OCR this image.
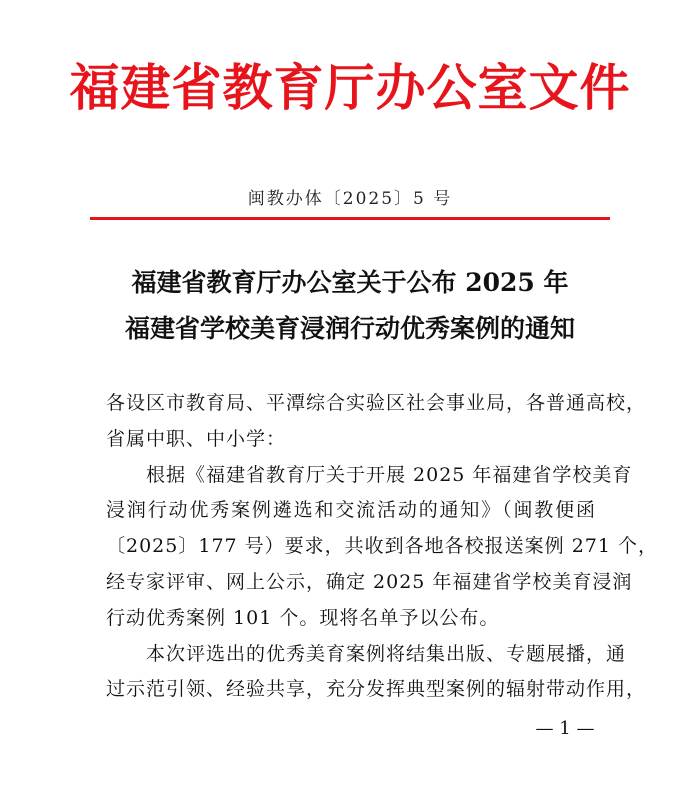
福建省教育厅办公室文件
闽教办体〔2025〕5 号
福建省教育厅办公室关于公布 2025 年
福建省学校美育浸润行动优秀案例的通知
各设区市教育局、平潭综合实验区社会事业局，各普通高校，
省属中职、中小学：
根据《福建省教育厅关于开展 2025 年福建省学校美育
浸润行动优秀案例遴选和交流活动的通知》（闽教便函
〔2025〕177 号）要求，共收到各地各校报送案例 271 个，
经专家评审、网上公示，确定 2025 年福建省学校美育浸润
行动优秀案例 101 个。现将名单予以公布。
本次评选出的优秀美育案例将结集出版、专题展播，通
过示范引领、经验共享，充分发挥典型案例的辐射带动作用，
— 1 —
